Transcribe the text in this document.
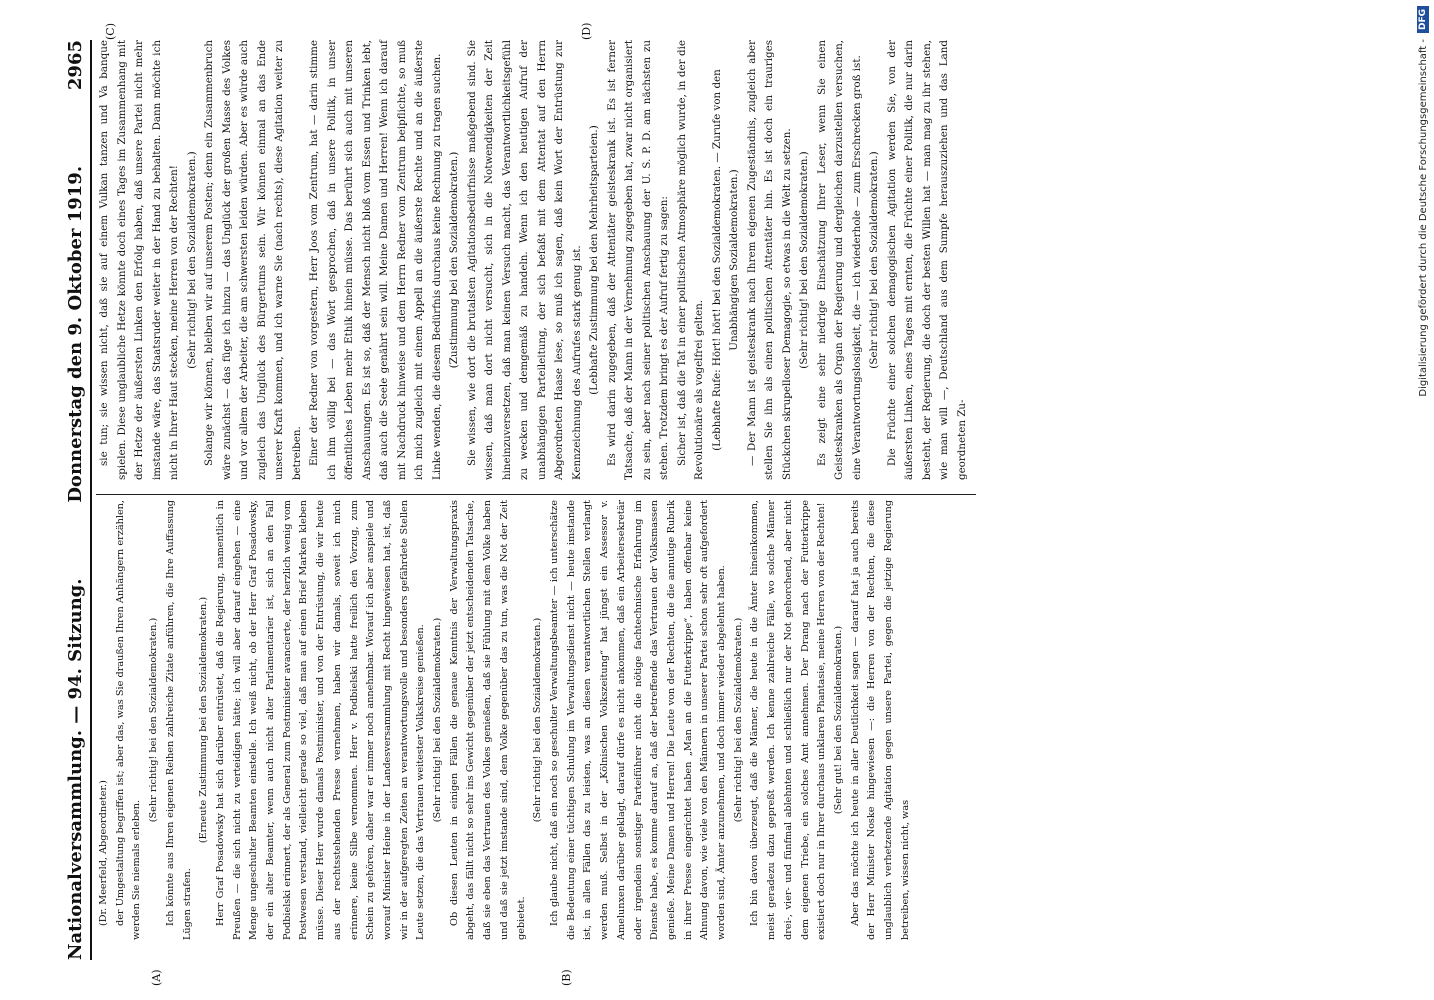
Nationalversammlung. — 94. Sitzung.
Donnerstag den 9. Oktober 1919.
2965
(A)	(B)
(C)	(D)

(Dr. Meerfeld, Abgeordneter.) der Umgestaltung begriffen ist; aber das, was Sie draußen Ihren Anhängern erzählen, werden Sie niemals erleben.

(Sehr richtig! bei den Sozialdemokraten.) Ich könnte aus Ihren eigenen Reihen zahlreiche Zitate anführen, die Ihre Auffassung Lügen strafen.

(Erneute Zustimmung bei den Sozialdemokraten.) Herr Graf Posadowsky hat sich darüber entrüstet, daß die Regierung, namentlich in Preußen — die sich nicht zu verteidigen hätte; ich will aber darauf eingehen — eine Menge ungeschulter Beamten einstelle. Ich weiß nicht, ob der Herr Graf Posadowsky, der ein alter Beamter, wenn auch nicht alter Parlamentarier ist, sich an den Fall Podbielski erinnert, der als General zum Postminister avancierte, der herzlich wenig vom Postwesen verstand, vielleicht gerade so viel, daß man auf einen Brief Marken kleben müsse. Dieser Herr wurde damals Postminister, und von der Entrüstung, die wir heute aus der rechtsstehenden Presse vernehmen, haben wir damals, soweit ich mich erinnere, keine Silbe vernommen. Herr v. Podbielski hatte freilich den Vorzug, zum Schein zu gehören, daher war er immer noch annehmbar. Worauf ich aber anspiele und worauf Minister Heine in der Landesversammlung mit Recht hingewiesen hat, ist, daß wir in der aufgeregten Zeiten an verantwortungsvolle und besonders gefährdete Stellen Leute setzen, die das Vertrauen weitester Volkskreise genießen. (Sehr richtig! bei den Sozialdemokraten.) Ob diesen Leuten in einigen Fällen die genaue Kenntnis der Verwaltungspraxis abgeht, das fällt nicht so sehr ins Gewicht gegenüber der jetzt entscheidenden Tatsache, daß sie eben das Vertrauen des Volkes genießen, daß sie Fühlung mit dem Volke haben und daß sie jetzt imstande sind, dem Volke gegenüber das zu tun, was die Not der Zeit gebietet.

(Sehr richtig! bei den Sozialdemokraten.) Ich glaube nicht, daß ein noch so geschulter Verwaltungsbeamter — ich unterschätze die Bedeutung einer tüchtigen Schulung im Verwaltungsdienst nicht — heute imstande ist, in allen Fällen das zu leisten, was an diesen verantwortlichen Stellen verlangt werden muß. Selbst in der „Kölnischen Volkszeitung“ hat jüngst ein Assessor v. Amelunxen darüber geklagt, darauf dürfe es nicht ankommen, daß ein Arbeitersekretär oder irgendein sonstiger Parteiführer nicht die nötige fachtechnische Erfahrung im Dienste habe, es komme darauf an, daß der betreffende das Vertrauen der Volksmassen genieße. Meine Damen und Herren! Die Leute von der Rechten, die die annutige Rubrik in ihrer Presse eingerichtet haben „Man an die Futterkrippe“, haben offenbar keine Ahnung davon, wie viele von den Männern in unserer Partei schon sehr oft aufgefordert worden sind, Ämter anzunehmen, und doch immer wieder abgelehnt haben. (Sehr richtig! bei den Sozialdemokraten.) Ich bin davon überzeugt, daß die Männer, die heute in die Ämter hineinkommen, meist geradezu dazu gepreßt werden. Ich kenne zahlreiche Fälle, wo solche Männer drei-, vier- und fünfmal ablehnten und schließlich nur der Not gehorchend, aber nicht dem eigenen Triebe, ein solches Amt annehmen. Der Drang nach der Futterkrippe existiert doch nur in Ihrer durchaus unklaren Phantasie, meine Herren von der Rechten! (Sehr gut! bei den Sozialdemokraten.) Aber das möchte ich heute in aller Deutlichkeit sagen — darauf hat ja auch bereits der Herr Minister Noske hingewiesen —: die Herren von der Rechten, die diese unglaublich verhetzende Agitation gegen unsere Partei, gegen die jetzige Regierung betreiben, wissen nicht, was

sie tun; sie wissen nicht, daß sie auf einem Vulkan tanzen und Va banque spielen. Diese unglaubliche Hetze könnte doch eines Tages im Zusammenhang mit der Hetze der äußersten Linken den Erfolg haben, daß unsere Partei nicht mehr imstande wäre, das Staatsruder weiter in der Hand zu behalten. Dann möchte ich nicht in Ihrer Haut stecken, meine Herren von der Rechten! (Sehr richtig! bei den Sozialdemokraten.) Solange wir können, bleiben wir auf unserem Posten; denn ein Zusammenbruch wäre zunächst — das füge ich hinzu — das Unglück der großen Masse des Volkes und vor allem der Arbeiter, die am schwersten leiden würden. Aber es würde auch zugleich das Unglück des Bürgertums sein. Wir können einmal an das Ende unserer Kraft kommen, und ich warne Sie (nach rechts), diese Agitation weiter zu betreiben. Einer der Redner von vorgestern, Herr Joos vom Zentrum, hat — darin stimme ich ihm völlig bei — das Wort gesprochen, daß in unsere Politik, in unser öffentliches Leben mehr Ethik hinein müsse. Das berührt sich auch mit unseren Anschauungen. Es ist so, daß der Mensch nicht bloß vom Essen und Trinken lebt, daß auch die Seele genährt sein will. Meine Damen und Herren! Wenn ich darauf mit Nachdruck hinweise und dem Herrn Redner vom Zentrum beipflichte, so muß ich mich zugleich mit einem Appell an die äußerste Rechte und an die äußerste Linke wenden, die diesem Bedürfnis durchaus keine Rechnung zu tragen suchen. (Zustimmung bei den Sozialdemokraten.) Sie wissen, wie dort die brutalsten Agitationsbedürfnisse maßgebend sind. Sie wissen, daß man dort nicht versucht, sich in die Notwendigkeiten der Zeit hineinzuversetzen, daß man keinen Versuch macht, das Verantwortlichkeitsgefühl zu wecken und demgemäß zu handeln. Wenn ich den heutigen Aufruf der unabhängigen Parteileitung, der sich befaßt mit dem Attentat auf den Herrn Abgeordneten Haase lese, so muß ich sagen, daß kein Wort der Entrüstung zur Kennzeichnung des Aufrufes stark genug ist. (Lebhafte Zustimmung bei den Mehrheitsparteien.) Es wird darin zugegeben, daß der Attentäter geisteskrank ist. Es ist ferner Tatsache, daß der Mann in der Vernehmung zugegeben hat, zwar nicht organisiert zu sein, aber nach seiner politischen Anschauung der U. S. P. D. am nächsten zu stehen. Trotzdem bringt es der Aufruf fertig zu sagen: Sicher ist, daß die Tat in einer politischen Atmosphäre möglich wurde, in der die Revolutionäre als vogelfrei gelten. (Lebhafte Rufe: Hört! hört! bei den Sozialdemokraten. — Zurufe von den Unabhängigen Sozialdemokraten.) — Der Mann ist geisteskrank nach Ihrem eigenen Zugeständnis, zugleich aber stellen Sie ihn als einen politischen Attentäter hin. Es ist doch ein trauriges Stückchen skrupelloser Demagogie, so etwas in die Welt zu setzen. (Sehr richtig! bei den Sozialdemokraten.) Es zeigt eine sehr niedrige Einschätzung Ihrer Leser, wenn Sie einen Geisteskranken als Organ der Regierung und dergleichen darzustellen versuchen, eine Verantwortungslosigkeit, die — ich wiederhole — zum Erschrecken groß ist. (Sehr richtig! bei den Sozialdemokraten.) Die Früchte einer solchen demagogischen Agitation werden Sie, von der äußersten Linken, eines Tages mit ernten, die Früchte einer Politik, die nur darin besteht, der Regierung, die doch der besten Willen hat — man mag zu ihr stehen, wie man will —, Deutschland aus dem Sumpfe herauszuziehen und das Land geordneten Zu-

Digitalisierung gefördert durch die Deutsche Forschungsgemeinschaft -
DFG
